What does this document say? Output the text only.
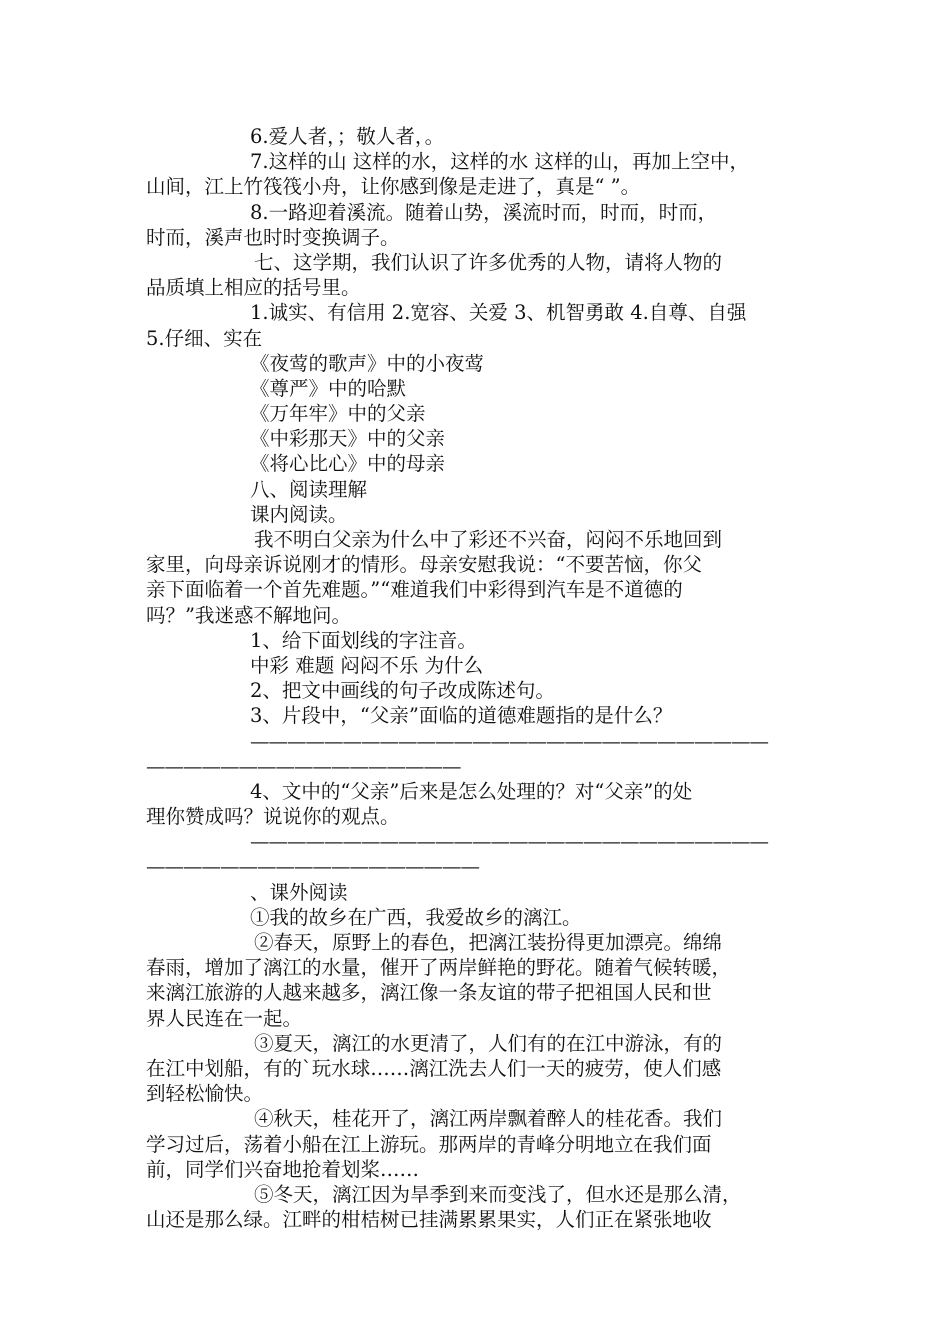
6.爱人者，；敬人者，。
7.这样的山 这样的水，这样的水 这样的山，再加上空中，
山间，江上竹筏筏小舟，让你感到像是走进了，真是“ ”。
8.一路迎着溪流。随着山势，溪流时而，时而，时而，
时而，溪声也时时变换调子。
七、这学期，我们认识了许多优秀的人物，请将人物的
品质填上相应的括号里。
1.诚实、有信用 2.宽容、关爱 3、机智勇敢 4.自尊、自强
5.仔细、实在
《夜莺的歌声》中的小夜莺
《尊严》中的哈默
《万年牢》中的父亲
《中彩那天》中的父亲
《将心比心》中的母亲
八、阅读理解
课内阅读。
我不明白父亲为什么中了彩还不兴奋，闷闷不乐地回到
家里，向母亲诉说刚才的情形。母亲安慰我说：“不要苦恼，你父
亲下面临着一个首先难题。”“难道我们中彩得到汽车是不道德的
吗？”我迷惑不解地问。
1、给下面划线的字注音。
中彩 难题 闷闷不乐 为什么
2、把文中画线的句子改成陈述句。
3、片段中，“父亲”面临的道德难题指的是什么？
————————————————————————————
—————————————————
4、文中的“父亲”后来是怎么处理的？对“父亲”的处
理你赞成吗？说说你的观点。
————————————————————————————
——————————————————
、课外阅读
①我的故乡在广西，我爱故乡的漓江。
②春天，原野上的春色，把漓江装扮得更加漂亮。绵绵
春雨，增加了漓江的水量，催开了两岸鲜艳的野花。随着气候转暖，
来漓江旅游的人越来越多，漓江像一条友谊的带子把祖国人民和世
界人民连在一起。
③夏天，漓江的水更清了，人们有的在江中游泳，有的
在江中划船，有的`玩水球……漓江洗去人们一天的疲劳，使人们感
到轻松愉快。
④秋天，桂花开了，漓江两岸飘着醉人的桂花香。我们
学习过后，荡着小船在江上游玩。那两岸的青峰分明地立在我们面
前，同学们兴奋地抢着划桨……
⑤冬天，漓江因为旱季到来而变浅了，但水还是那么清，
山还是那么绿。江畔的柑桔树已挂满累累果实，人们正在紧张地收
